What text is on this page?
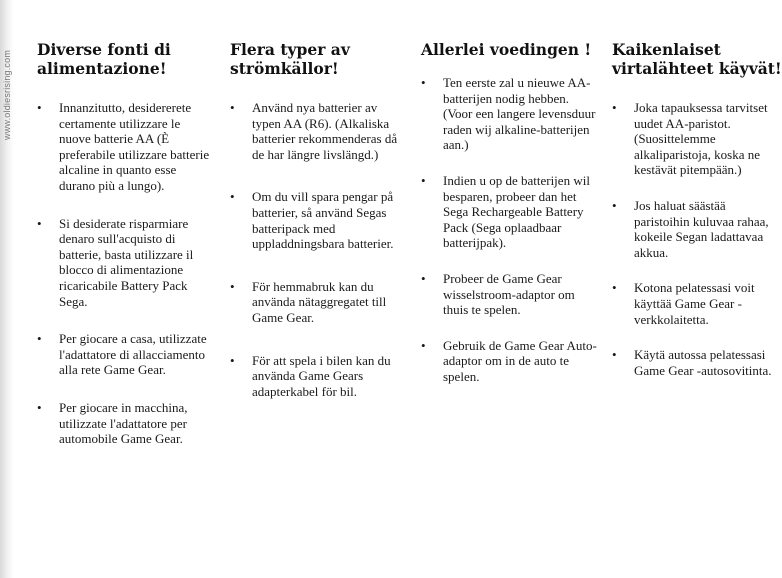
www.oldiesrising.com
Diverse fonti di alimentazione!
• Innanzitutto, desidererete certamente utilizzare le nuove batterie AA (È preferabile utilizzare batterie alcaline in quanto esse durano più a lungo).
• Si desiderate risparmiare denaro sull'acquisto di batterie, basta utilizzare il blocco di alimentazione ricaricabile Battery Pack Sega.
• Per giocare a casa, utilizzate l'adattatore di allacciamento alla rete Game Gear.
• Per giocare in macchina, utilizzate l'adattatore per automobile Game Gear.
Flera typer av strömkällor!
• Använd nya batterier av typen AA (R6). (Alkaliska batterier rekommenderas då de har längre livslängd.)
• Om du vill spara pengar på batterier, så använd Segas batteripack med uppladdningsbara batterier.
• För hemmabruk kan du använda nätaggregatet till Game Gear.
• För att spela i bilen kan du använda Game Gears adapterkabel för bil.
Allerlei voedingen !
• Ten eerste zal u nieuwe AA-batterijen nodig hebben. (Voor een langere levensduur raden wij alkaline-batterijen aan.)
• Indien u op de batterijen wil besparen, probeer dan het Sega Rechargeable Battery Pack (Sega oplaadbaar batterijpak).
• Probeer de Game Gear wisselstroom-adaptor om thuis te spelen.
• Gebruik de Game Gear Auto-adaptor om in de auto te spelen.
Kaikenlaiset virtalähteet käyvät!
• Joka tapauksessa tarvitset uudet AA-paristot. (Suosittelemme alkaliparistoja, koska ne kestävät pitempään.)
• Jos haluat säästää paristoihin kuluvaa rahaa, kokeile Segan ladattavaa akkua.
• Kotona pelatessasi voit käyttää Game Gear -verkkolaitetta.
• Käytä autossa pelatessasi Game Gear -autosovitinta.
